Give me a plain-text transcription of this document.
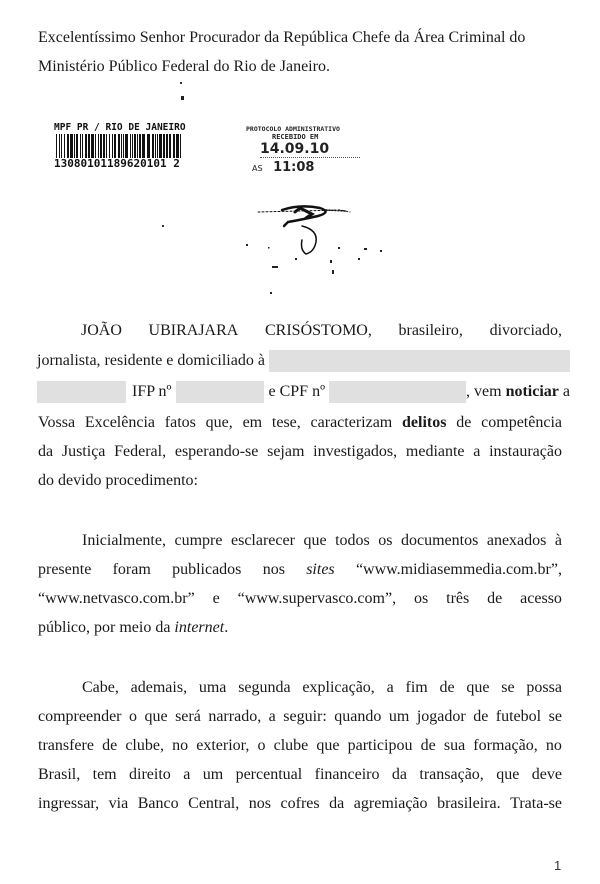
Excelentíssimo Senhor Procurador da República Chefe da Área Criminal do
Ministério Público Federal do Rio de Janeiro.
MPF PR / RIO DE JANEIRO
13080101189620101 2
PROTOCOLO ADMINISTRATIVO
RECEBIDO EM
14.09.10
AS 11:08
JOÃO UBIRAJARA CRISÓSTOMO, brasileiro, divorciado,
jornalista, residente e domiciliado à
IFP nº	e CPF nº	, vem noticiar a
Vossa Excelência fatos que, em tese, caracterizam delitos de competência
da Justiça Federal, esperando-se sejam investigados, mediante a instauração
do devido procedimento:
Inicialmente, cumpre esclarecer que todos os documentos anexados à
presente foram publicados nos sites “www.midiasemmedia.com.br”,
“www.netvasco.com.br” e “www.supervasco.com”, os três de acesso
público, por meio da internet.
Cabe, ademais, uma segunda explicação, a fim de que se possa
compreender o que será narrado, a seguir: quando um jogador de futebol se
transfere de clube, no exterior, o clube que participou de sua formação, no
Brasil, tem direito a um percentual financeiro da transação, que deve
ingressar, via Banco Central, nos cofres da agremiação brasileira. Trata-se
1
